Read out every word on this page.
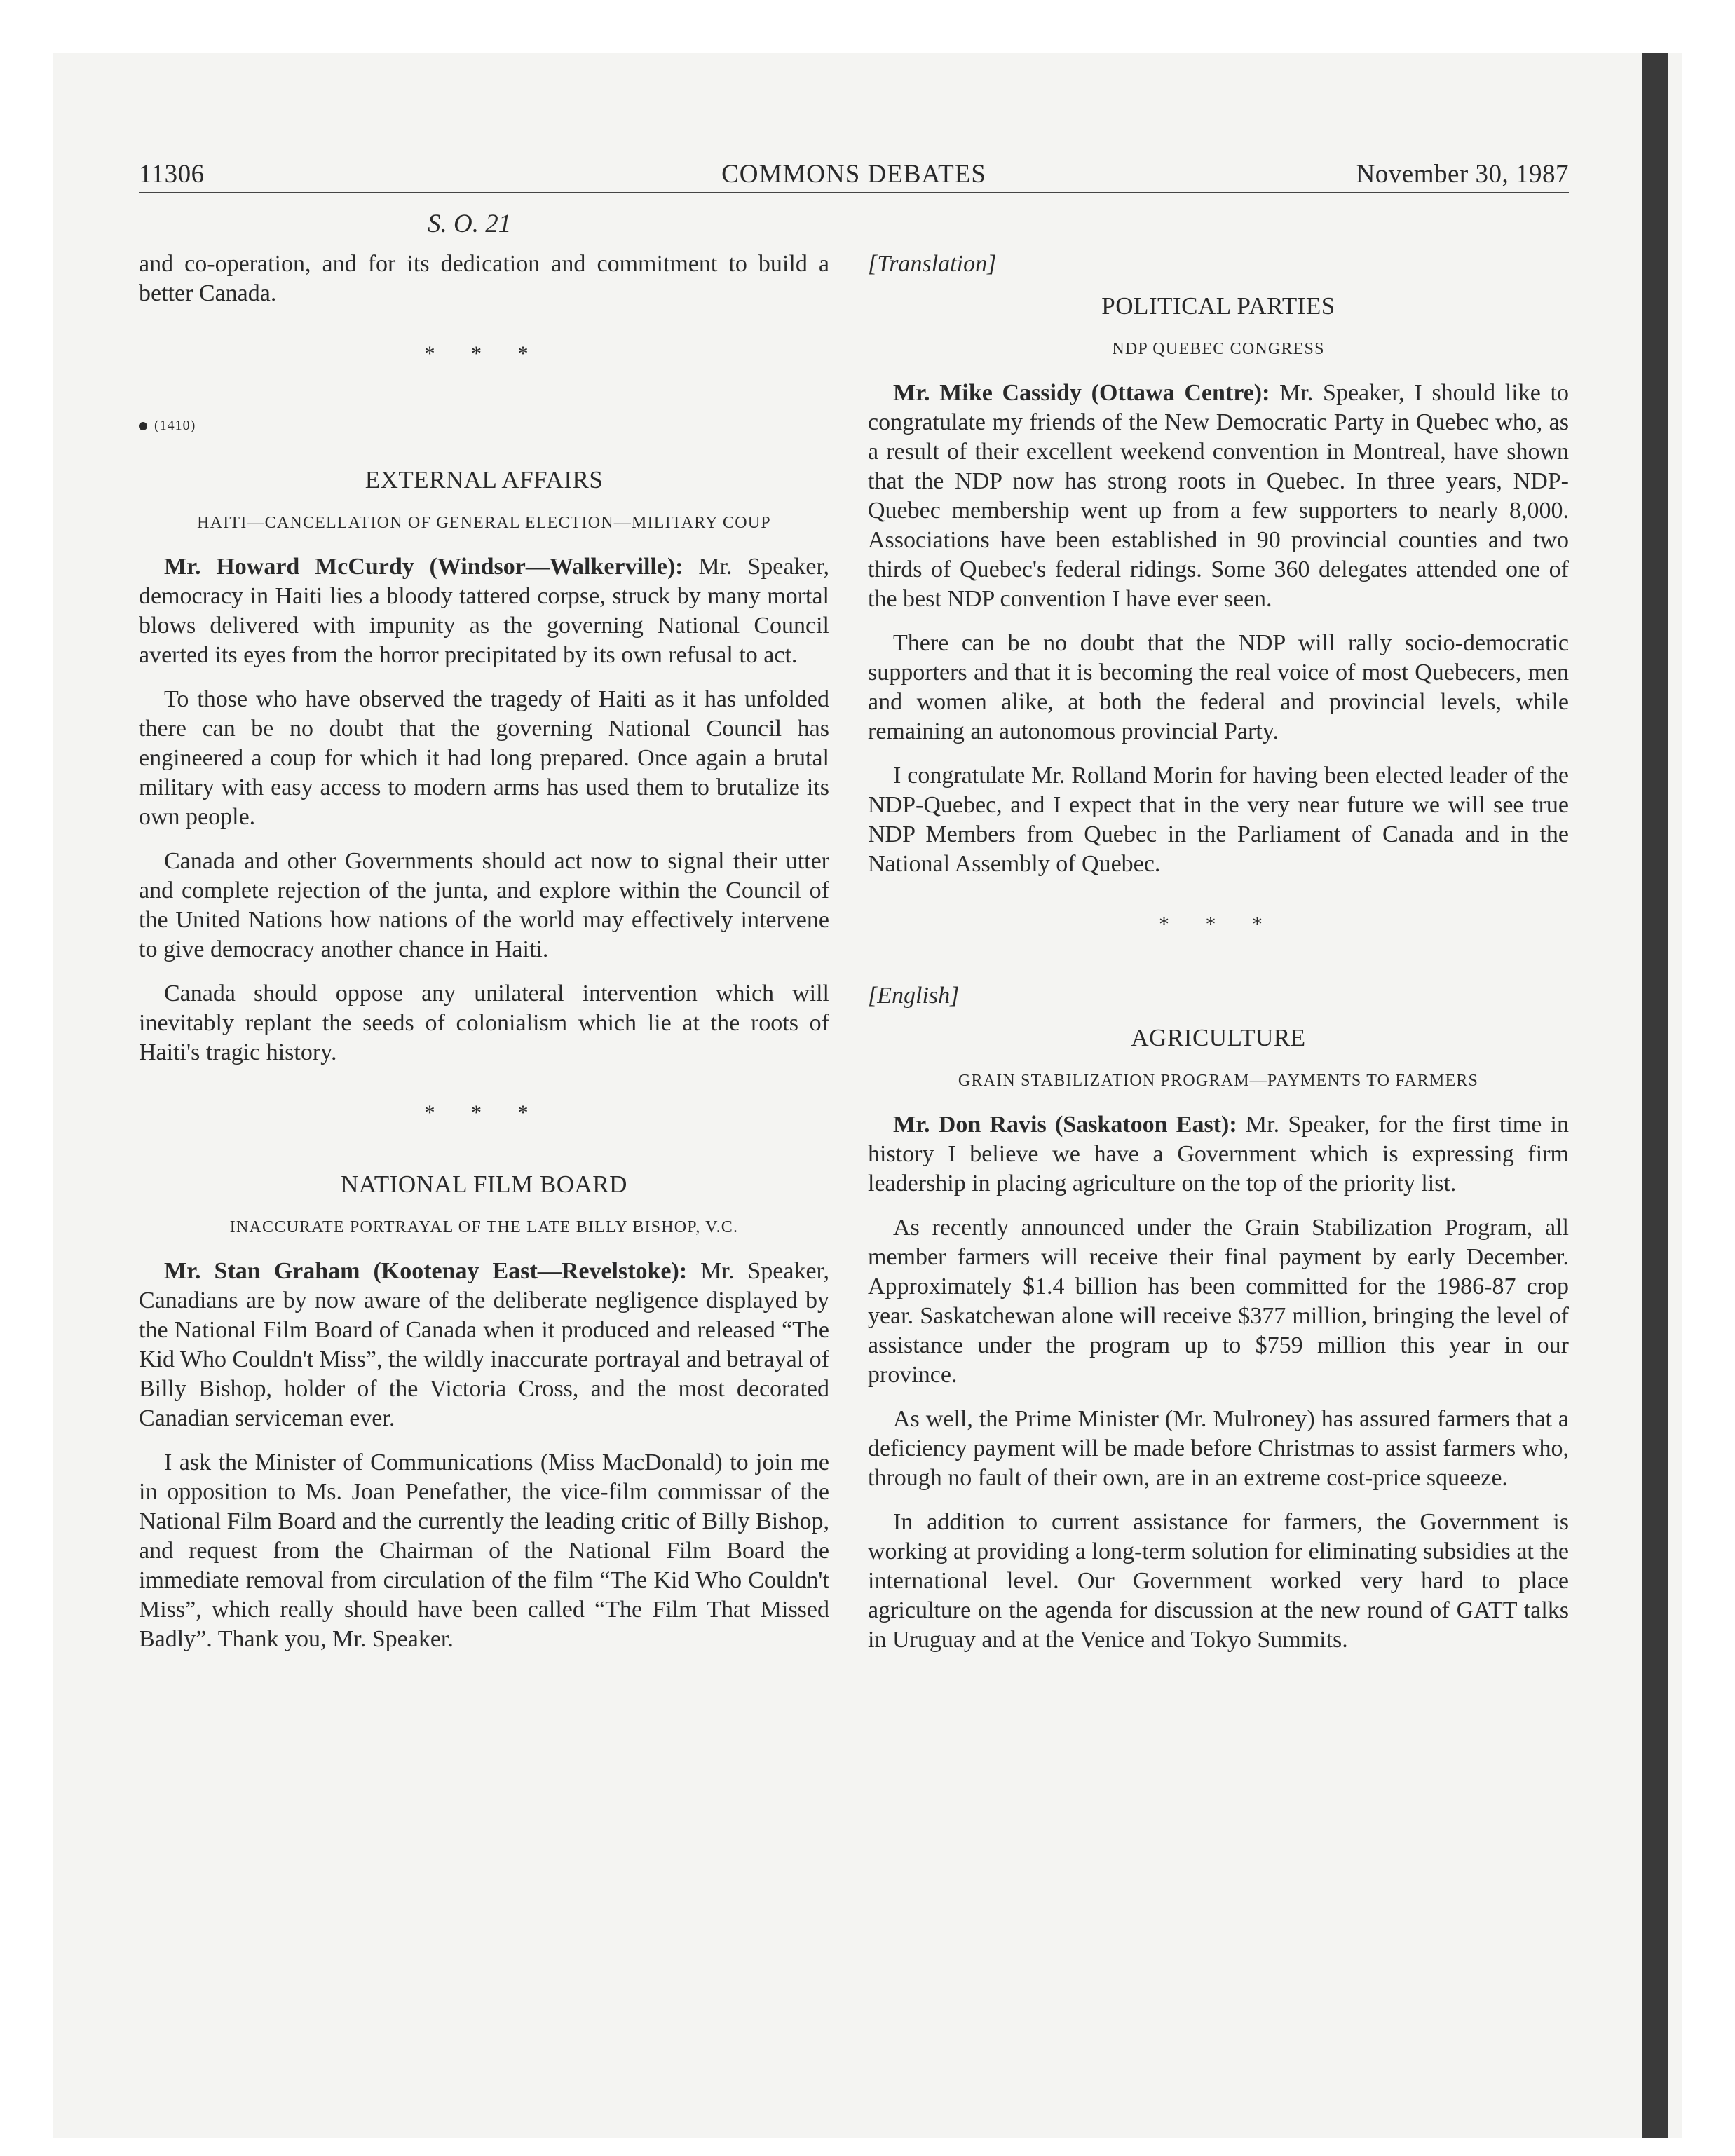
COMMONS DEBATES
11306	November 30, 1987
S. O. 21

and co-operation, and for its dedication and commitment to build a better Canada.

* * *
(1410)
EXTERNAL AFFAIRS
HAITI—CANCELLATION OF GENERAL ELECTION—MILITARY COUP

Mr. Howard McCurdy (Windsor—Walkerville): Mr. Speaker, democracy in Haiti lies a bloody tattered corpse, struck by many mortal blows delivered with impunity as the governing National Council averted its eyes from the horror precipitated by its own refusal to act.

To those who have observed the tragedy of Haiti as it has unfolded there can be no doubt that the governing National Council has engineered a coup for which it had long prepared. Once again a brutal military with easy access to modern arms has used them to brutalize its own people.

Canada and other Governments should act now to signal their utter and complete rejection of the junta, and explore within the Council of the United Nations how nations of the world may effectively intervene to give democracy another chance in Haiti.

Canada should oppose any unilateral intervention which will inevitably replant the seeds of colonialism which lie at the roots of Haiti's tragic history.

* * *
NATIONAL FILM BOARD
INACCURATE PORTRAYAL OF THE LATE BILLY BISHOP, V.C.

Mr. Stan Graham (Kootenay East—Revelstoke): Mr. Speaker, Canadians are by now aware of the deliberate negligence displayed by the National Film Board of Canada when it produced and released “The Kid Who Couldn't Miss”, the wildly inaccurate portrayal and betrayal of Billy Bishop, holder of the Victoria Cross, and the most decorated Canadian serviceman ever.

I ask the Minister of Communications (Miss MacDonald) to join me in opposition to Ms. Joan Penefather, the vice-film commissar of the National Film Board and the currently the leading critic of Billy Bishop, and request from the Chairman of the National Film Board the immediate removal from circulation of the film “The Kid Who Couldn't Miss”, which really should have been called “The Film That Missed Badly”. Thank you, Mr. Speaker.

[Translation]
POLITICAL PARTIES
NDP QUEBEC CONGRESS

Mr. Mike Cassidy (Ottawa Centre): Mr. Speaker, I should like to congratulate my friends of the New Democratic Party in Quebec who, as a result of their excellent weekend convention in Montreal, have shown that the NDP now has strong roots in Quebec. In three years, NDP-Quebec membership went up from a few supporters to nearly 8,000. Associations have been established in 90 provincial counties and two thirds of Quebec's federal ridings. Some 360 delegates attended one of the best NDP convention I have ever seen.

There can be no doubt that the NDP will rally socio-democratic supporters and that it is becoming the real voice of most Quebecers, men and women alike, at both the federal and provincial levels, while remaining an autonomous provincial Party.

I congratulate Mr. Rolland Morin for having been elected leader of the NDP-Quebec, and I expect that in the very near future we will see true NDP Members from Quebec in the Parliament of Canada and in the National Assembly of Quebec.

* * *
[English]
AGRICULTURE
GRAIN STABILIZATION PROGRAM—PAYMENTS TO FARMERS

Mr. Don Ravis (Saskatoon East): Mr. Speaker, for the first time in history I believe we have a Government which is expressing firm leadership in placing agriculture on the top of the priority list.

As recently announced under the Grain Stabilization Program, all member farmers will receive their final payment by early December. Approximately $1.4 billion has been committed for the 1986-87 crop year. Saskatchewan alone will receive $377 million, bringing the level of assistance under the program up to $759 million this year in our province.

As well, the Prime Minister (Mr. Mulroney) has assured farmers that a deficiency payment will be made before Christmas to assist farmers who, through no fault of their own, are in an extreme cost-price squeeze.

In addition to current assistance for farmers, the Government is working at providing a long-term solution for eliminating subsidies at the international level. Our Government worked very hard to place agriculture on the agenda for discussion at the new round of GATT talks in Uruguay and at the Venice and Tokyo Summits.
